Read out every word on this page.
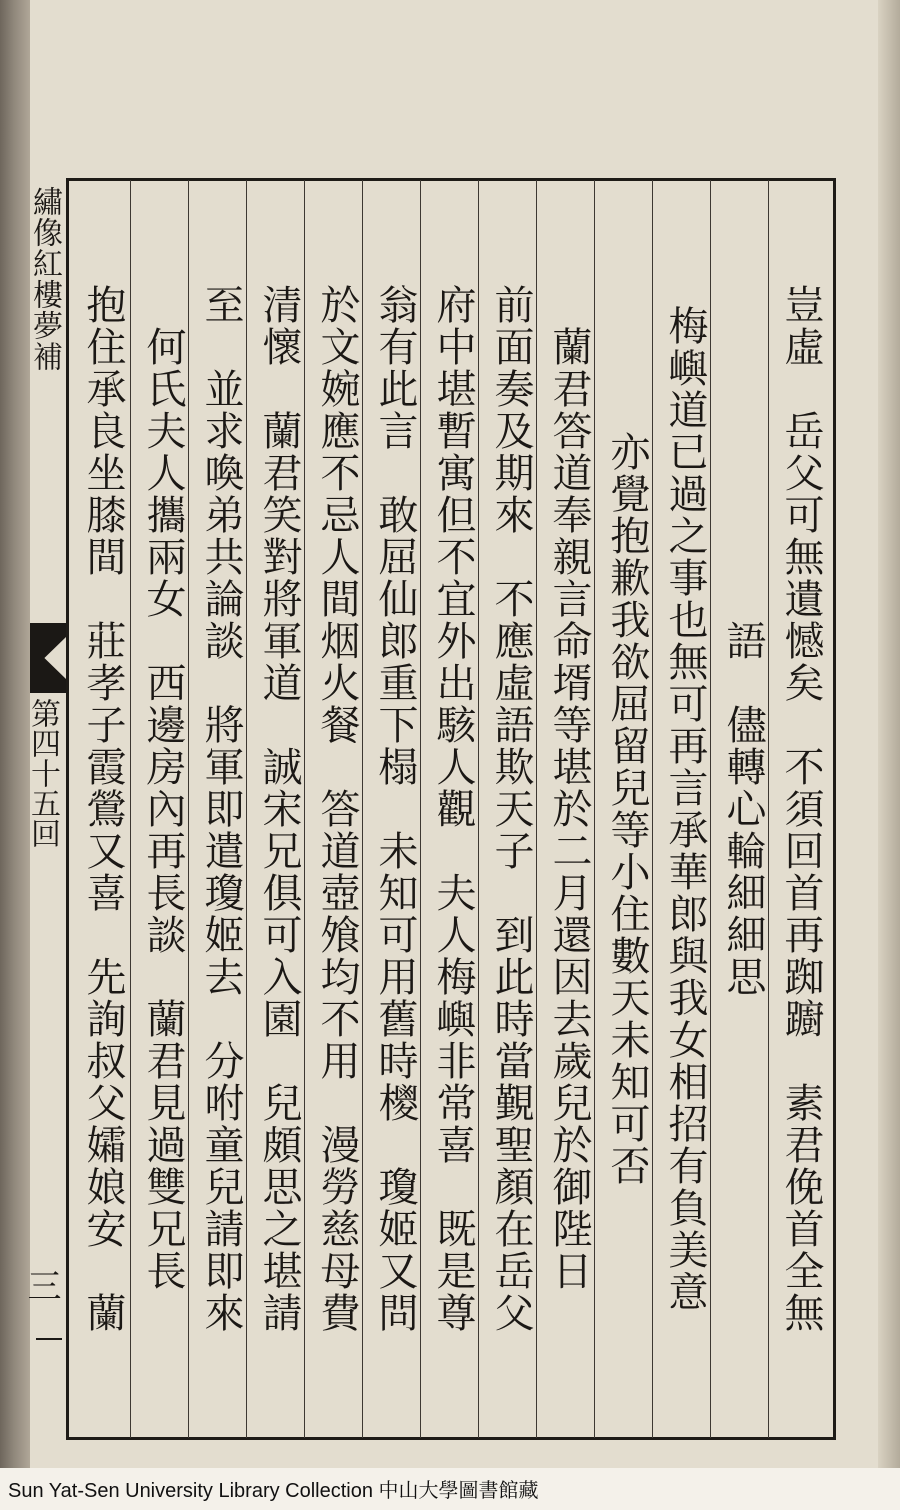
繡像紅樓夢補
第四十五回
三	豈虛　岳父可無遺憾矣　不須回首再踟躕　素君俛首全無
語　儘轉心輪細細思
梅嶼道已過之事也無可再言承華郎與我女相招有負美意
亦覺抱歉我欲屈留兒等小住數天未知可否
蘭君答道奉親言命壻等堪於二月還因去歲兒於御陛日
前面奏及期來　不應虛語欺天子　到此時當覲聖顏在岳父
府中堪暫寓但不宜外出駭人觀　夫人梅嶼非常喜　既是尊
翁有此言　敢屈仙郎重下榻　未知可用舊時㯶　瓊姬又問
於文婉應不忌人間烟火餐　答道壺飧均不用　漫勞慈母費
清懷　蘭君笑對將軍道　誠宋兄俱可入園　兒頗思之堪請
至　並求喚弟共論談　將軍即遣瓊姬去　分咐童兒請即來
何氏夫人攜兩女　西邊房內再長談　蘭君見過雙兄長
抱住承良坐膝間　莊孝子霞鶯又喜　先詢叔父孀娘安　蘭
Sun Yat-Sen University Library Collection 中山大學圖書館藏
